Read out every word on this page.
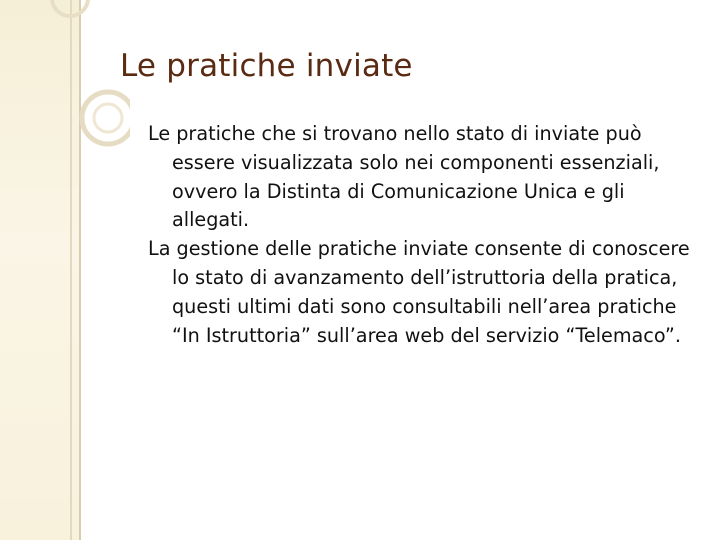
Le pratiche inviate
Le pratiche che si trovano nello stato di inviate può essere visualizzata solo nei componenti essenziali, ovvero la Distinta di Comunicazione Unica e gli allegati.
La gestione delle pratiche inviate consente di conoscere lo stato di avanzamento dell’istruttoria della pratica, questi ultimi dati sono consultabili nell’area pratiche “In Istruttoria” sull’area web del servizio “Telemaco”.
